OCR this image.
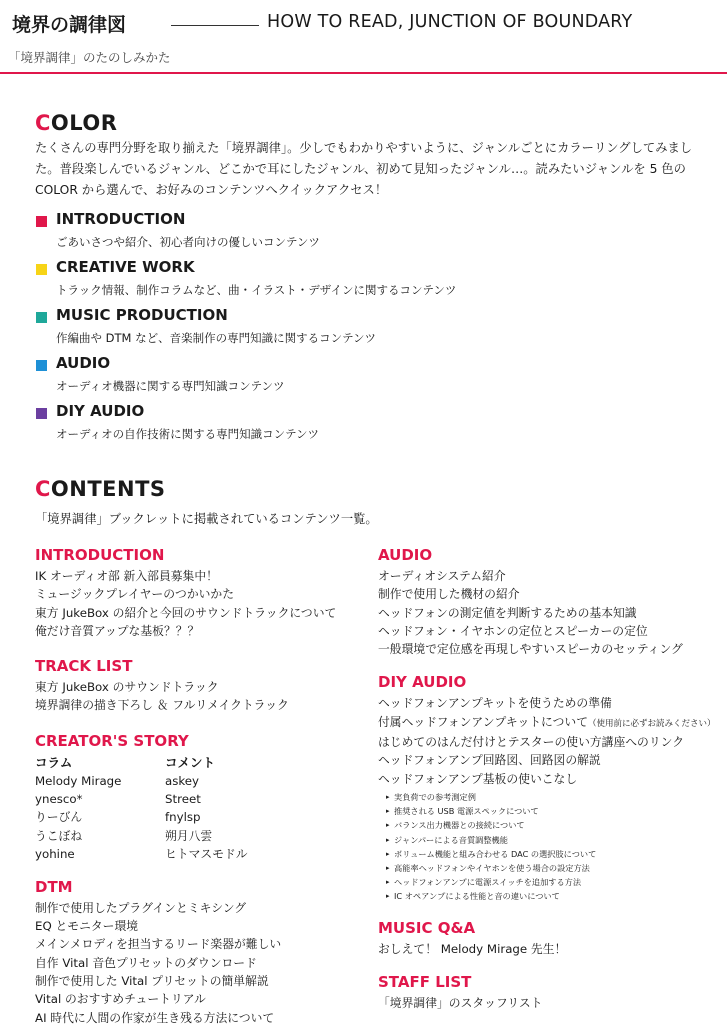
境界の調律図	HOW TO READ, JUNCTION OF BOUNDARY
「境界調律」のたのしみかた
COLOR
たくさんの専門分野を取り揃えた「境界調律」。少しでもわかりやすいように、ジャンルごとにカラーリングしてみました。普段楽しんでいるジャンル、どこかで耳にしたジャンル、初めて見知ったジャンル…。読みたいジャンルを 5 色の COLOR から選んで、お好みのコンテンツへクイックアクセス！
INTRODUCTION
ごあいさつや紹介、初心者向けの優しいコンテンツ
CREATIVE WORK
トラック情報、制作コラムなど、曲・イラスト・デザインに関するコンテンツ
MUSIC PRODUCTION
作編曲や DTM など、音楽制作の専門知識に関するコンテンツ
AUDIO
オーディオ機器に関する専門知識コンテンツ
DIY AUDIO
オーディオの自作技術に関する専門知識コンテンツ
CONTENTS
「境界調律」ブックレットに掲載されているコンテンツ一覧。
INTRODUCTION
IK オーディオ部 新入部員募集中！
ミュージックプレイヤーのつかいかた
東方 JukeBox の紹介と今回のサウンドトラックについて
俺だけ音質アップな基板？？？
TRACK LIST
東方 JukeBox のサウンドトラック
境界調律の描き下ろし ＆ フルリメイクトラック
CREATOR'S STORY
コラム
Melody Mirage
ynesco*
りーびん
うこぼね
yohine
コメント
askey
Street
fnylsp
朔月八雲
ヒトマスモドル
DTM
制作で使用したプラグインとミキシング
EQ とモニター環境
メインメロディを担当するリード楽器が難しい
自作 Vital 音色プリセットのダウンロード
制作で使用した Vital プリセットの簡単解説
Vital のおすすめチュートリアル
AI 時代に人間の作家が生き残る方法について
AUDIO
オーディオシステム紹介
制作で使用した機材の紹介
ヘッドフォンの測定値を判断するための基本知識
ヘッドフォン・イヤホンの定位とスピーカーの定位
一般環境で定位感を再現しやすいスピーカのセッティング
DIY AUDIO
ヘッドフォンアンプキットを使うための準備
付属ヘッドフォンアンプキットについて（使用前に必ずお読みください）
はじめてのはんだ付けとテスターの使い方講座へのリンク
ヘッドフォンアンプ回路図、回路図の解説
ヘッドフォンアンプ基板の使いこなし
▸ 実負荷での参考測定例
▸ 推奨される USB 電源スペックについて
▸ バランス出力機器との接続について
▸ ジャンパーによる音質調整機能
▸ ボリューム機能と組み合わせる DAC の選択肢について
▸ 高能率ヘッドフォンやイヤホンを使う場合の設定方法
▸ ヘッドフォンアンプに電源スイッチを追加する方法
▸ IC オペアンプによる性能と音の違いについて
MUSIC Q&A
おしえて！ Melody Mirage 先生！
STAFF LIST
「境界調律」のスタッフリスト
